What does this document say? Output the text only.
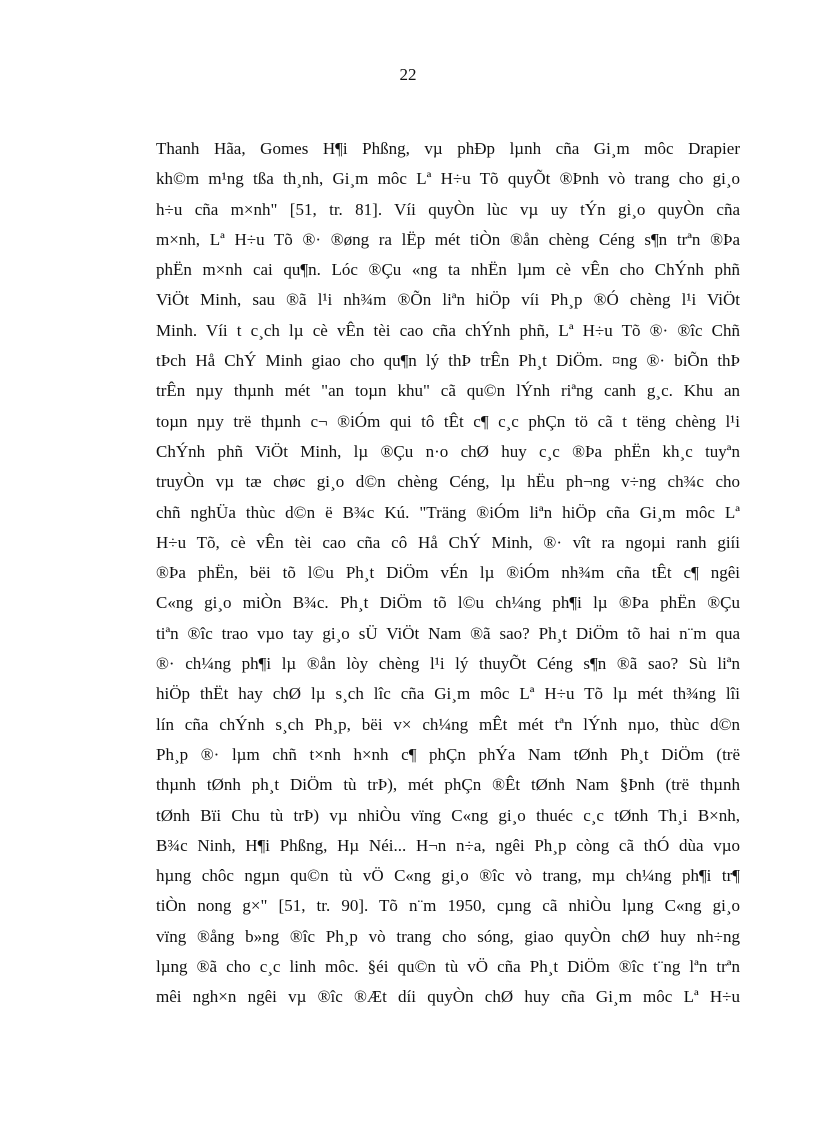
22
Thanh Hãa, Gomes H¶i Phßng, vµ phÐp lµnh cña Gi¸m môc Drapier
kh©m m¹ng tßa th¸nh, Gi¸m môc Lª H÷u Tõ quyÕt ®Þnh vò trang cho gi¸o
h÷u cña m×nh" [51, tr. 81]. Víi quyÒn lùc vµ uy tÝn gi¸o quyÒn cña
m×nh, Lª H÷u Tõ ®· ®øng ra lËp mét tiÒn ®ån chèng Céng s¶n trªn ®Þa
phËn m×nh cai qu¶n. Lóc ®Çu «ng ta nhËn lµm cè vÊn cho ChÝnh phñ
ViÖt Minh, sau ®ã l¹i nh¾m ®Õn liªn hiÖp víi Ph¸p ®Ó chèng l¹i ViÖt
Minh. Víi t c¸ch lµ cè vÊn tèi cao cña chÝnh phñ, Lª H÷u Tõ ®· ®îc Chñ
tÞch Hå ChÝ Minh giao cho qu¶n lý thÞ trÊn Ph¸t DiÖm. ¤ng ®· biÕn thÞ
trÊn nµy thµnh mét "an toµn khu" cã qu©n lÝnh riªng canh g¸c. Khu an
toµn nµy trë thµnh c¬ ®iÓm qui tô tÊt c¶ c¸c phÇn tö cã t tëng chèng l¹i
ChÝnh phñ ViÖt Minh, lµ ®Çu n·o chØ huy c¸c ®Þa phËn kh¸c tuyªn
truyÒn vµ tæ chøc gi¸o d©n chèng Céng, lµ hËu ph¬ng v÷ng ch¾c cho
chñ nghÜa thùc d©n ë B¾c Kú. "Träng ®iÓm liªn hiÖp cña Gi¸m môc Lª
H÷u Tõ, cè vÊn tèi cao cña cô Hå ChÝ Minh, ®· vît ra ngoµi ranh giíi
®Þa phËn, bëi tõ l©u Ph¸t DiÖm vÉn lµ ®iÓm nh¾m cña tÊt c¶ ngêi
C«ng gi¸o miÒn B¾c. Ph¸t DiÖm tõ l©u ch¼ng ph¶i lµ ®Þa phËn ®Çu
tiªn ®îc trao vµo tay gi¸o sÜ ViÖt Nam ®ã sao? Ph¸t DiÖm tõ hai n¨m qua
®· ch¼ng ph¶i lµ ®ån lòy chèng l¹i lý thuyÕt Céng s¶n ®ã sao? Sù liªn
hiÖp thËt hay chØ lµ s¸ch lîc cña Gi¸m môc Lª H÷u Tõ lµ mét th¾ng lîi
lín cña chÝnh s¸ch Ph¸p, bëi v× ch¼ng mÊt mét tªn lÝnh nµo, thùc d©n
Ph¸p ®· lµm chñ t×nh h×nh c¶ phÇn phÝa Nam tØnh Ph¸t DiÖm (trë
thµnh tØnh ph¸t DiÖm tù trÞ), mét phÇn ®Êt tØnh Nam §Þnh (trë thµnh
tØnh Bïi Chu tù trÞ) vµ nhiÒu vïng C«ng gi¸o thuéc c¸c tØnh Th¸i B×nh,
B¾c Ninh, H¶i Phßng, Hµ Néi... H¬n n÷a, ngêi Ph¸p còng cã thÓ dùa vµo
hµng chôc ngµn qu©n tù vÖ C«ng gi¸o ®îc vò trang, mµ ch¼ng ph¶i tr¶
tiÒn nong g×" [51, tr. 90]. Tõ n¨m 1950, cµng cã nhiÒu lµng C«ng gi¸o
vïng ®ång b»ng ®îc Ph¸p vò trang cho sóng, giao quyÒn chØ huy nh÷ng
lµng ®ã cho c¸c linh môc. §éi qu©n tù vÖ cña Ph¸t DiÖm ®îc t¨ng lªn trªn
mêi ngh×n ngêi vµ ®îc ®Æt díi quyÒn chØ huy cña Gi¸m môc Lª H÷u
